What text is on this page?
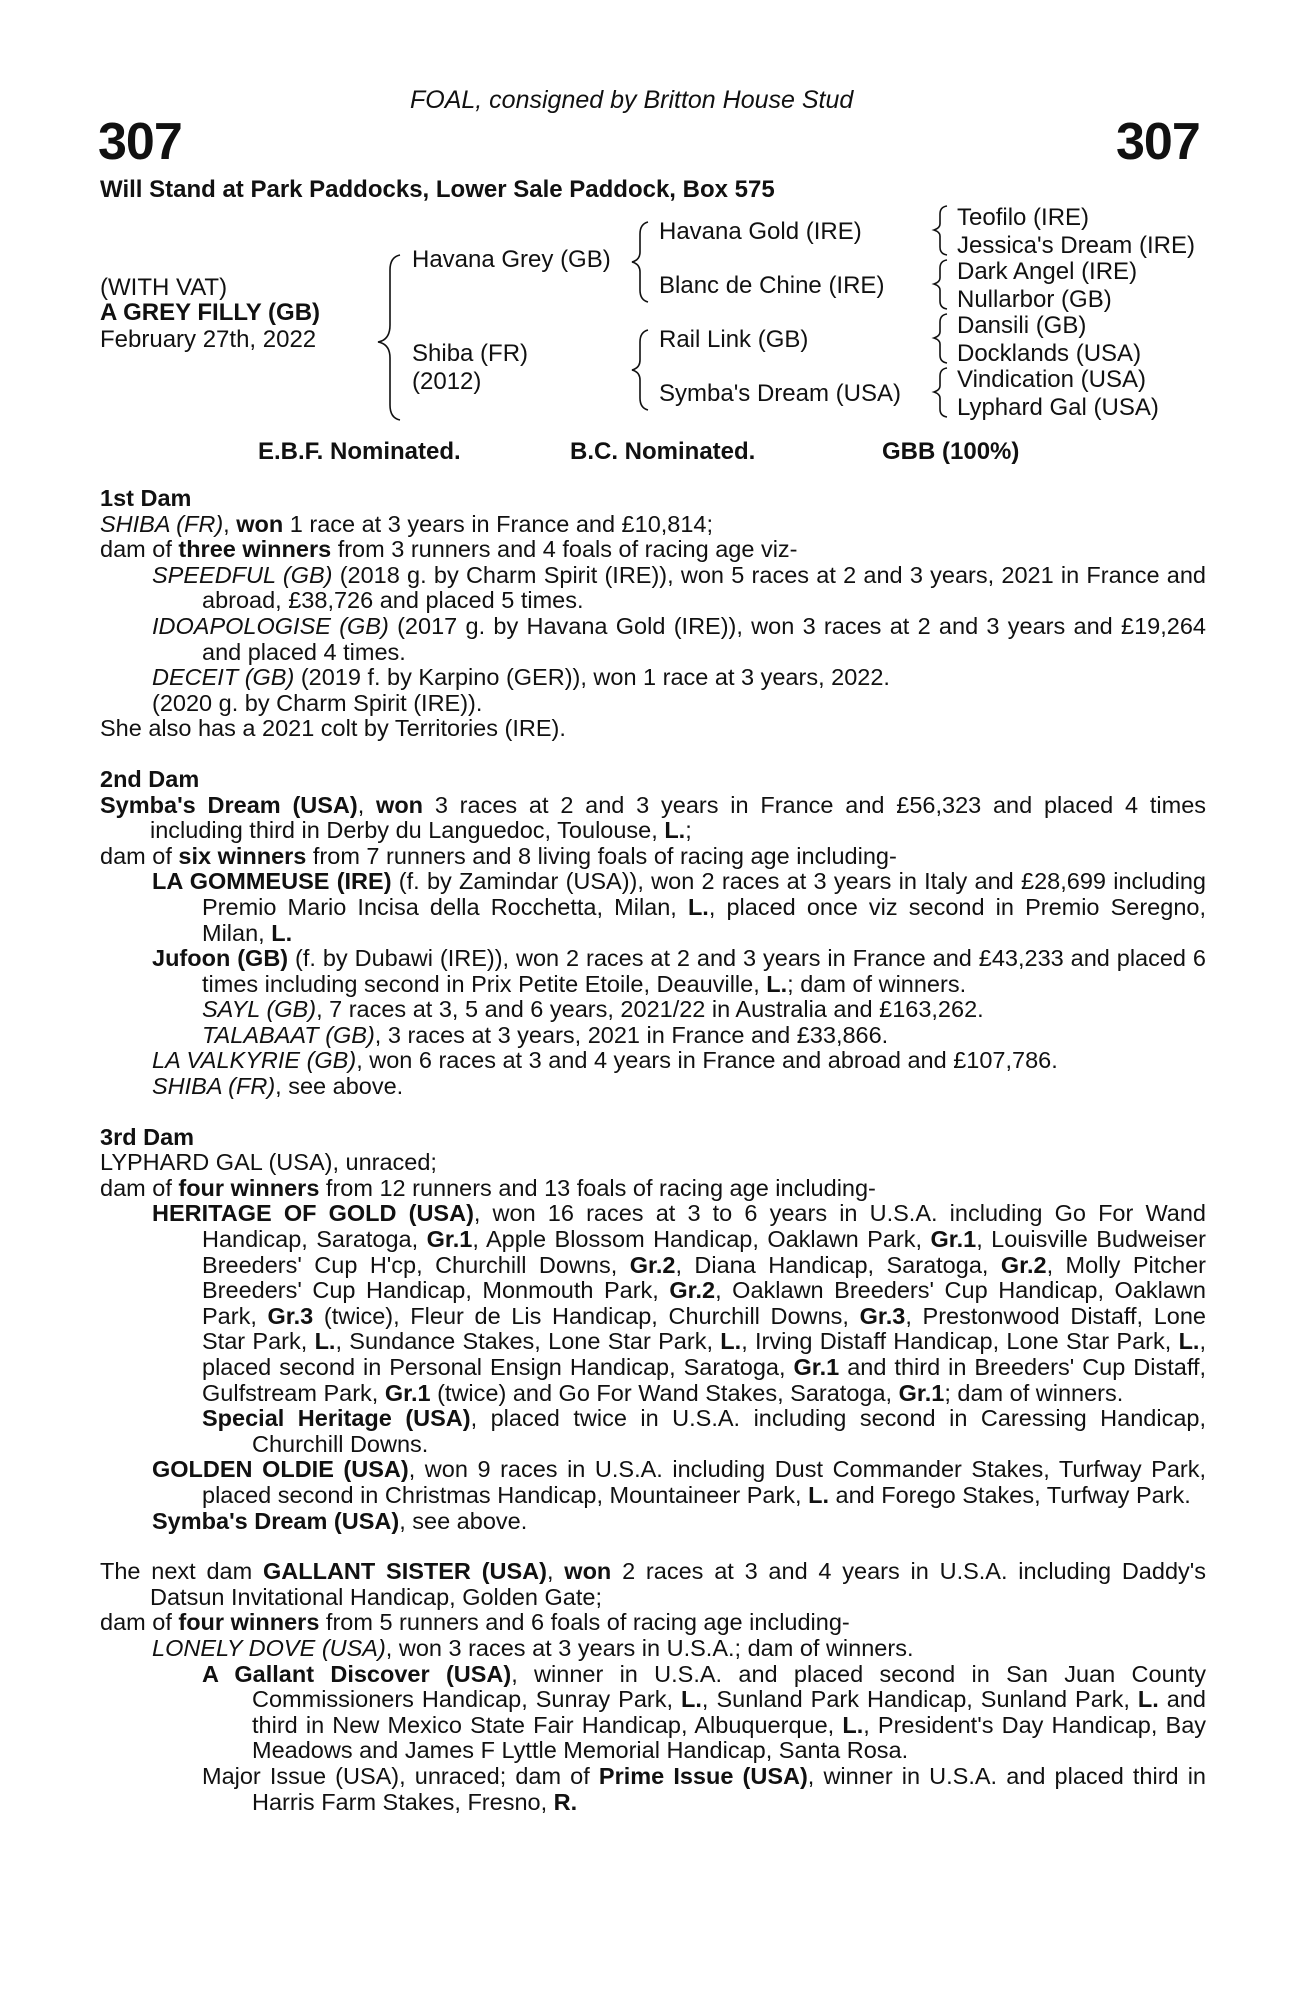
FOAL, consigned by Britton House Stud
307	307
Will Stand at Park Paddocks, Lower Sale Paddock, Box 575
(WITH VAT)
A GREY FILLY (GB)
February 27th, 2022
Havana Grey (GB)
Shiba (FR)
(2012)
Havana Gold (IRE)
Blanc de Chine (IRE)
Rail Link (GB)
Symba's Dream (USA)
Teofilo (IRE)
Jessica's Dream (IRE)
Dark Angel (IRE)
Nullarbor (GB)
Dansili (GB)
Docklands (USA)
Vindication (USA)
Lyphard Gal (USA)
E.B.F. Nominated.	B.C. Nominated.	GBB (100%)

1st Dam

SHIBA (FR), won 1 race at 3 years in France and £10,814;

dam of three winners from 3 runners and 4 foals of racing age viz-

SPEEDFUL (GB) (2018 g. by Charm Spirit (IRE)), won 5 races at 2 and 3 years, 2021 in France and abroad, £38,726 and placed 5 times.

IDOAPOLOGISE (GB) (2017 g. by Havana Gold (IRE)), won 3 races at 2 and 3 years and £19,264 and placed 4 times.

DECEIT (GB) (2019 f. by Karpino (GER)), won 1 race at 3 years, 2022.

(2020 g. by Charm Spirit (IRE)).

She also has a 2021 colt by Territories (IRE).

2nd Dam

Symba's Dream (USA), won 3 races at 2 and 3 years in France and £56,323 and placed 4 times including third in Derby du Languedoc, Toulouse, L.;

dam of six winners from 7 runners and 8 living foals of racing age including-

LA GOMMEUSE (IRE) (f. by Zamindar (USA)), won 2 races at 3 years in Italy and £28,699 including Premio Mario Incisa della Rocchetta, Milan, L., placed once viz second in Premio Seregno, Milan, L.

Jufoon (GB) (f. by Dubawi (IRE)), won 2 races at 2 and 3 years in France and £43,233 and placed 6 times including second in Prix Petite Etoile, Deauville, L.; dam of winners.

SAYL (GB), 7 races at 3, 5 and 6 years, 2021/22 in Australia and £163,262.

TALABAAT (GB), 3 races at 3 years, 2021 in France and £33,866.

LA VALKYRIE (GB), won 6 races at 3 and 4 years in France and abroad and £107,786.

SHIBA (FR), see above.

3rd Dam

LYPHARD GAL (USA), unraced;

dam of four winners from 12 runners and 13 foals of racing age including-

HERITAGE OF GOLD (USA), won 16 races at 3 to 6 years in U.S.A. including Go For Wand Handicap, Saratoga, Gr.1, Apple Blossom Handicap, Oaklawn Park, Gr.1, Louisville Budweiser Breeders' Cup H'cp, Churchill Downs, Gr.2, Diana Handicap, Saratoga, Gr.2, Molly Pitcher Breeders' Cup Handicap, Monmouth Park, Gr.2, Oaklawn Breeders' Cup Handicap, Oaklawn Park, Gr.3 (twice), Fleur de Lis Handicap, Churchill Downs, Gr.3, Prestonwood Distaff, Lone Star Park, L., Sundance Stakes, Lone Star Park, L., Irving Distaff Handicap, Lone Star Park, L., placed second in Personal Ensign Handicap, Saratoga, Gr.1 and third in Breeders' Cup Distaff, Gulfstream Park, Gr.1 (twice) and Go For Wand Stakes, Saratoga, Gr.1; dam of winners.

Special Heritage (USA), placed twice in U.S.A. including second in Caressing Handicap, Churchill Downs.

GOLDEN OLDIE (USA), won 9 races in U.S.A. including Dust Commander Stakes, Turfway Park, placed second in Christmas Handicap, Mountaineer Park, L. and Forego Stakes, Turfway Park.

Symba's Dream (USA), see above.

The next dam GALLANT SISTER (USA), won 2 races at 3 and 4 years in U.S.A. including Daddy's Datsun Invitational Handicap, Golden Gate;

dam of four winners from 5 runners and 6 foals of racing age including-

LONELY DOVE (USA), won 3 races at 3 years in U.S.A.; dam of winners.

A Gallant Discover (USA), winner in U.S.A. and placed second in San Juan County Commissioners Handicap, Sunray Park, L., Sunland Park Handicap, Sunland Park, L. and third in New Mexico State Fair Handicap, Albuquerque, L., President's Day Handicap, Bay Meadows and James F Lyttle Memorial Handicap, Santa Rosa.

Major Issue (USA), unraced; dam of Prime Issue (USA), winner in U.S.A. and placed third in Harris Farm Stakes, Fresno, R.
